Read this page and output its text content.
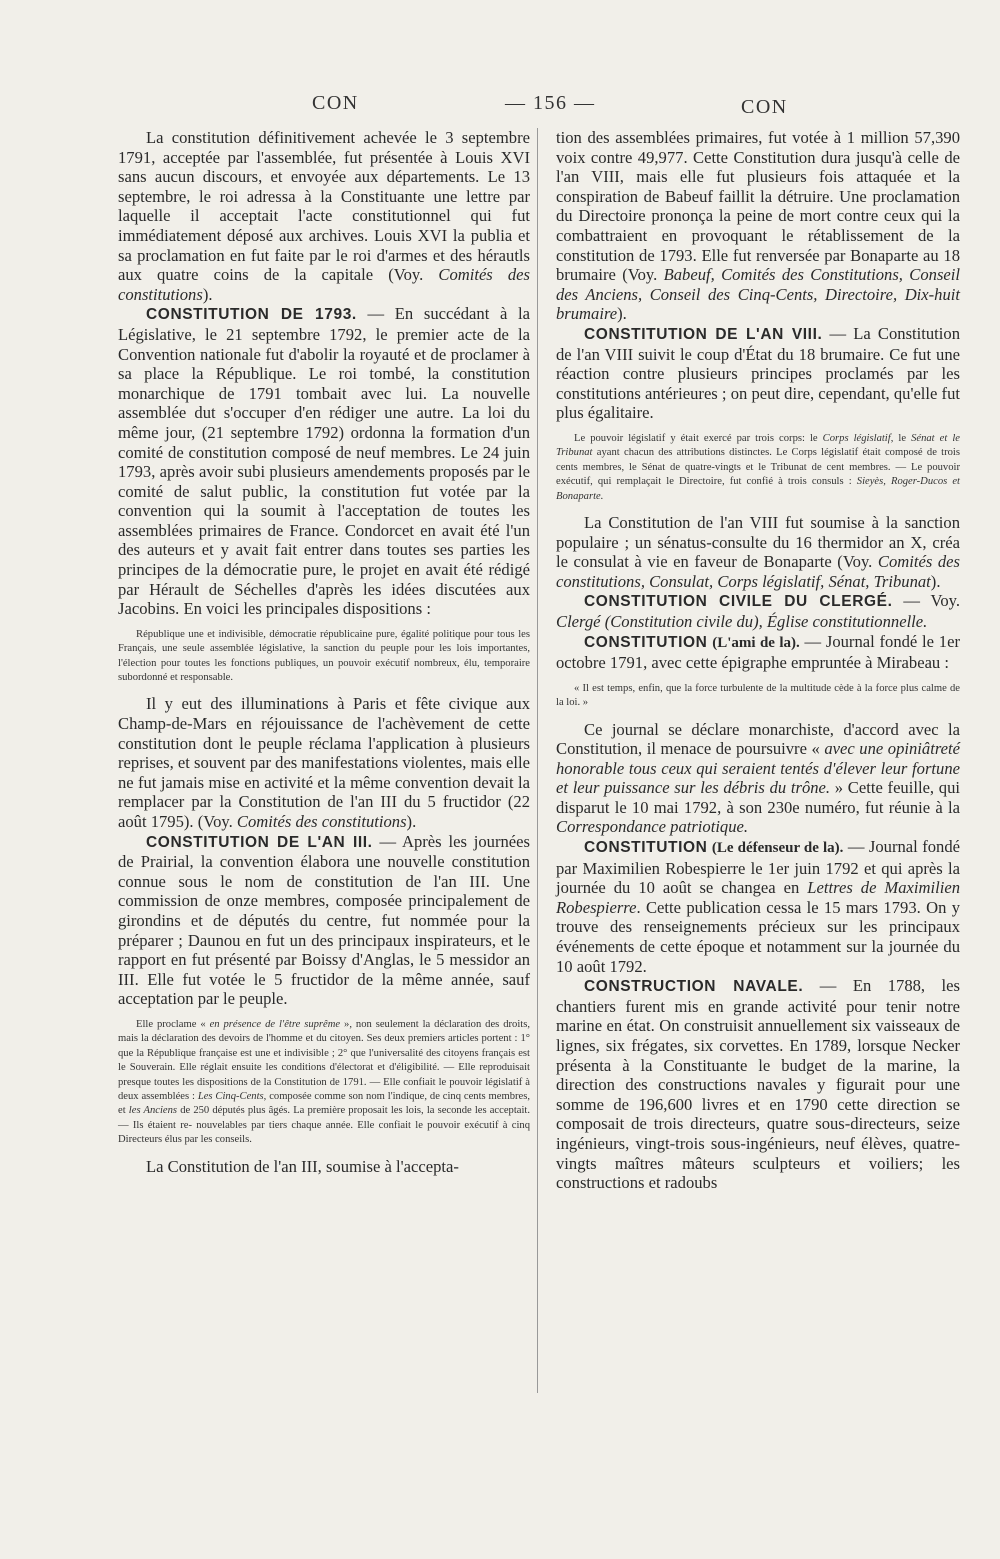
CON	— 156 —	CON

La constitution définitivement achevée le 3 septembre 1791, acceptée par l'assemblée, fut présentée à Louis XVI sans aucun discours, et envoyée aux départements. Le 13 septembre, le roi adressa à la Constituante une lettre par laquelle il acceptait l'acte constitutionnel qui fut immédiatement déposé aux archives. Louis XVI la publia et sa proclamation en fut faite par le roi d'armes et des hérautls aux quatre coins de la capitale (Voy. Comités des constitutions).

CONSTITUTION DE 1793. — En succédant à la Législative, le 21 septembre 1792, le premier acte de la Convention nationale fut d'abolir la royauté et de proclamer à sa place la République. Le roi tombé, la constitution monarchique de 1791 tombait avec lui. La nouvelle assemblée dut s'occuper d'en rédiger une autre. La loi du même jour, (21 septembre 1792) ordonna la formation d'un comité de constitution composé de neuf membres. Le 24 juin 1793, après avoir subi plusieurs amendements proposés par le comité de salut public, la constitution fut votée par la convention qui la soumit à l'acceptation de toutes les assemblées primaires de France. Condorcet en avait été l'un des auteurs et y avait fait entrer dans toutes ses parties les principes de la démocratie pure, le projet en avait été rédigé par Hérault de Séchelles d'après les idées discutées aux Jacobins. En voici les principales dispositions :

République une et indivisible, démocratie républicaine pure, égalité politique pour tous les Français, une seule assemblée législative, la sanction du peuple pour les lois importantes, l'élection pour toutes les fonctions publiques, un pouvoir exécutif nombreux, élu, temporaire subordonné et responsable.

Il y eut des illuminations à Paris et fête civique aux Champ-de-Mars en réjouissance de l'achèvement de cette constitution dont le peuple réclama l'application à plusieurs reprises, et souvent par des manifestations violentes, mais elle ne fut jamais mise en activité et la même convention devait la remplacer par la Constitution de l'an III du 5 fructidor (22 août 1795). (Voy. Comités des constitutions).

CONSTITUTION DE L'AN III. — Après les journées de Prairial, la convention élabora une nouvelle constitution connue sous le nom de constitution de l'an III. Une commission de onze membres, composée principalement de girondins et de députés du centre, fut nommée pour la préparer ; Daunou en fut un des principaux inspirateurs, et le rapport en fut présenté par Boissy d'Anglas, le 5 messidor an III. Elle fut votée le 5 fructidor de la même année, sauf acceptation par le peuple.

Elle proclame « en présence de l'être suprême », non seulement la déclaration des droits, mais la déclaration des devoirs de l'homme et du citoyen. Ses deux premiers articles portent : 1° que la République française est une et indivisible ; 2° que l'universalité des citoyens français est le Souverain. Elle réglait ensuite les conditions d'électorat et d'éligibilité. — Elle reproduisait presque toutes les dispositions de la Constitution de 1791. — Elle confiait le pouvoir législatif à deux assemblées : Les Cinq-Cents, composée comme son nom l'indique, de cinq cents membres, et les Anciens de 250 députés plus âgés. La première proposait les lois, la seconde les acceptait. — Ils étaient re- nouvelables par tiers chaque année. Elle confiait le pouvoir exécutif à cinq Directeurs élus par les conseils.

La Constitution de l'an III, soumise à l'accepta-

tion des assemblées primaires, fut votée à 1 million 57,390 voix contre 49,977. Cette Constitution dura jusqu'à celle de l'an VIII, mais elle fut plusieurs fois attaquée et la conspiration de Babeuf faillit la détruire. Une proclamation du Directoire prononça la peine de mort contre ceux qui la combattraient en provoquant le rétablissement de la constitution de 1793. Elle fut renversée par Bonaparte au 18 brumaire (Voy. Babeuf, Comités des Constitutions, Conseil des Anciens, Conseil des Cinq-Cents, Directoire, Dix-huit brumaire).

CONSTITUTION DE L'AN VIII. — La Constitution de l'an VIII suivit le coup d'État du 18 brumaire. Ce fut une réaction contre plusieurs principes proclamés par les constitutions antérieures ; on peut dire, cependant, qu'elle fut plus égalitaire.

Le pouvoir législatif y était exercé par trois corps: le Corps législatif, le Sénat et le Tribunat ayant chacun des attributions distinctes. Le Corps législatif était composé de trois cents membres, le Sénat de quatre-vingts et le Tribunat de cent membres. — Le pouvoir exécutif, qui remplaçait le Directoire, fut confié à trois consuls : Sieyès, Roger-Ducos et Bonaparte.

La Constitution de l'an VIII fut soumise à la sanction populaire ; un sénatus-consulte du 16 thermidor an X, créa le consulat à vie en faveur de Bonaparte (Voy. Comités des constitutions, Consulat, Corps législatif, Sénat, Tribunat).

CONSTITUTION CIVILE DU CLERGÉ. — Voy. Clergé (Constitution civile du), Église constitutionnelle.

CONSTITUTION (L'ami de la). — Journal fondé le 1er octobre 1791, avec cette épigraphe empruntée à Mirabeau :

« Il est temps, enfin, que la force turbulente de la multitude cède à la force plus calme de la loi. »

Ce journal se déclare monarchiste, d'accord avec la Constitution, il menace de poursuivre « avec une opiniâtreté honorable tous ceux qui seraient tentés d'élever leur fortune et leur puissance sur les débris du trône. » Cette feuille, qui disparut le 10 mai 1792, à son 230e numéro, fut réunie à la Correspondance patriotique.

CONSTITUTION (Le défenseur de la). — Journal fondé par Maximilien Robespierre le 1er juin 1792 et qui après la journée du 10 août se changea en Lettres de Maximilien Robespierre. Cette publication cessa le 15 mars 1793. On y trouve des renseignements précieux sur les principaux événements de cette époque et notamment sur la journée du 10 août 1792.

CONSTRUCTION NAVALE. — En 1788, les chantiers furent mis en grande activité pour tenir notre marine en état. On construisit annuellement six vaisseaux de lignes, six frégates, six corvettes. En 1789, lorsque Necker présenta à la Constituante le budget de la marine, la direction des constructions navales y figurait pour une somme de 196,600 livres et en 1790 cette direction se composait de trois directeurs, quatre sous-directeurs, seize ingénieurs, vingt-trois sous-ingénieurs, neuf élèves, quatre-vingts maîtres mâteurs sculpteurs et voiliers; les constructions et radoubs
